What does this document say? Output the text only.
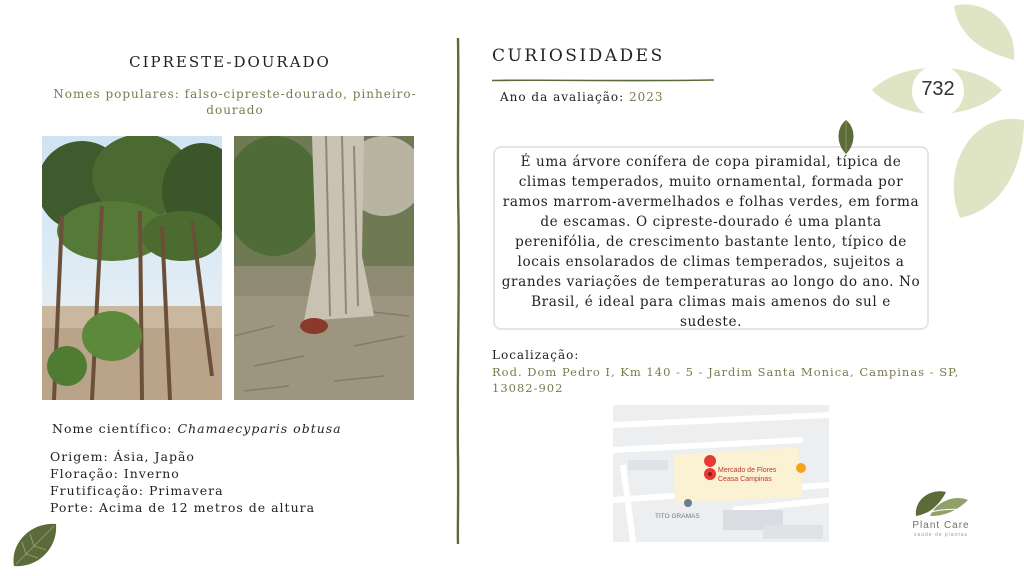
CIPRESTE-DOURADO
Nomes populares: falso-cipreste-dourado, pinheiro-dourado
Nome científico: Chamaecyparis obtusa
Origem: Ásia, Japão
Floração: Inverno
Frutificação: Primavera
Porte: Acima de 12 metros de altura
CURIOSIDADES
Ano da avaliação: 2023
É uma árvore conífera de copa piramidal, típica de climas temperados, muito ornamental, formada por ramos marrom-avermelhados e folhas verdes, em forma de escamas. O cipreste-dourado é uma planta perenifólia, de crescimento bastante lento, típico de locais ensolarados de climas temperados, sujeitos a grandes variações de temperaturas ao longo do ano. No Brasil, é ideal para climas mais amenos do sul e sudeste.
Localização:
Rod. Dom Pedro I, Km 140 - 5 - Jardim Santa Monica, Campinas - SP, 13082-902
Mercado de Flores
Ceasa Campinas
TITO GRAMAS
732
Plant Care
saúde de plantas
